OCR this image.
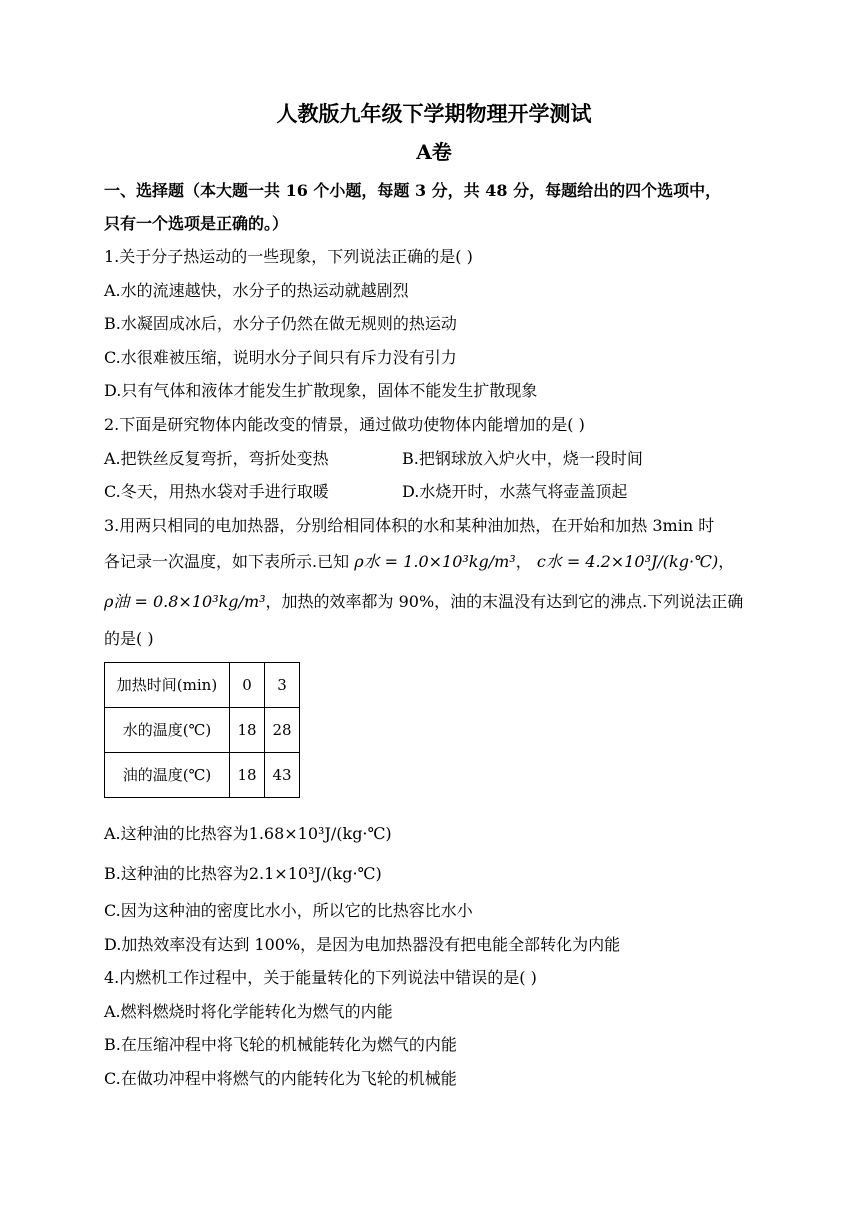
人教版九年级下学期物理开学测试
A卷
一、选择题（本大题一共 16 个小题，每题 3 分，共 48 分，每题给出的四个选项中，
只有一个选项是正确的。）
1.关于分子热运动的一些现象，下列说法正确的是( )
A.水的流速越快，水分子的热运动就越剧烈
B.水凝固成冰后，水分子仍然在做无规则的热运动
C.水很难被压缩，说明水分子间只有斥力没有引力
D.只有气体和液体才能发生扩散现象，固体不能发生扩散现象
2.下面是研究物体内能改变的情景，通过做功使物体内能增加的是( )
A.把铁丝反复弯折，弯折处变热	B.把钢球放入炉火中，烧一段时间
C.冬天，用热水袋对手进行取暖	D.水烧开时，水蒸气将壶盖顶起
3.用两只相同的电加热器，分别给相同体积的水和某种油加热，在开始和加热 3min 时
各记录一次温度，如下表所示.已知 ρ水 = 1.0×10³kg/m³， c水 = 4.2×10³J/(kg·℃)，
ρ油 = 0.8×10³kg/m³，加热的效率都为 90%，油的末温没有达到它的沸点.下列说法正确
的是( )
加热时间(min)	0	3
水的温度(℃)	18	28
油的温度(℃)	18	43
A.这种油的比热容为1.68×10³J/(kg·℃)
B.这种油的比热容为2.1×10³J/(kg·℃)
C.因为这种油的密度比水小，所以它的比热容比水小
D.加热效率没有达到 100%，是因为电加热器没有把电能全部转化为内能
4.内燃机工作过程中，关于能量转化的下列说法中错误的是( )
A.燃料燃烧时将化学能转化为燃气的内能
B.在压缩冲程中将飞轮的机械能转化为燃气的内能
C.在做功冲程中将燃气的内能转化为飞轮的机械能
